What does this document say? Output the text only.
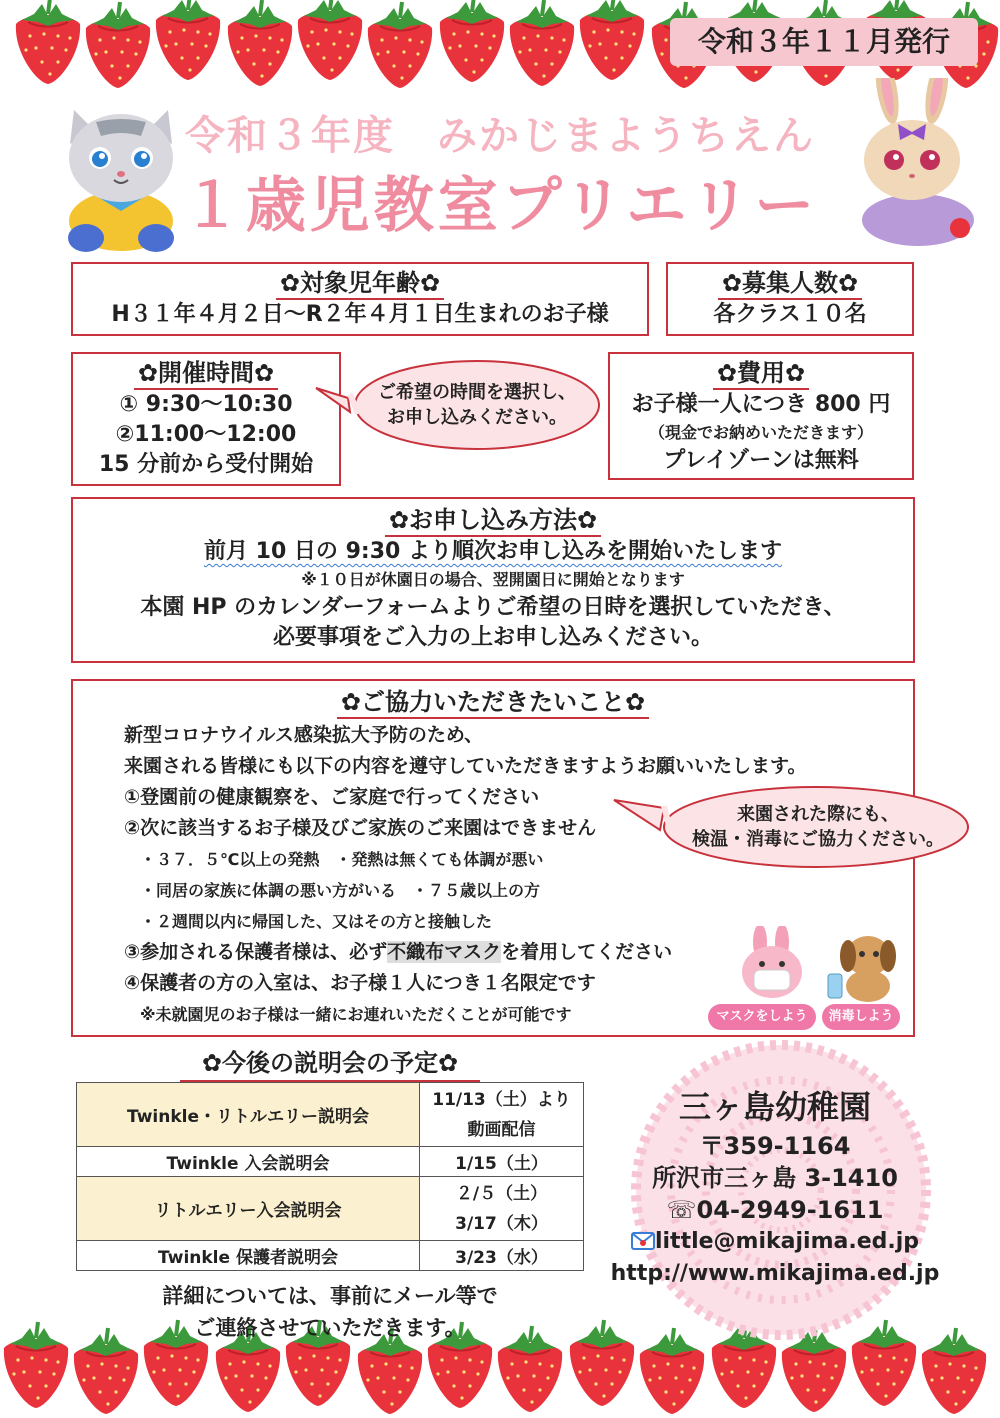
令和３年１１月発行
令和３年度　みかじまようちえん
１歳児教室プリエリー
✿対象児年齢✿
H３１年４月２日～R２年４月１日生まれのお子様
✿募集人数✿
各クラス１０名
✿開催時間✿
① 9:30～10:30
②11:00～12:00
15 分前から受付開始
ご希望の時間を選択し、
お申し込みください。
✿費用✿
お子様一人につき 800 円
（現金でお納めいただきます）
プレイゾーンは無料
✿お申し込み方法✿
前月 10 日の 9:30 より順次お申し込みを開始いたします
※１０日が休園日の場合、翌開園日に開始となります
本園 HP のカレンダーフォームよりご希望の日時を選択していただき、
必要事項をご入力の上お申し込みください。
✿ご協力いただきたいこと✿
新型コロナウイルス感染拡大予防のため、
来園される皆様にも以下の内容を遵守していただきますようお願いいたします。
①登園前の健康観察を、ご家庭で行ってください
②次に該当するお子様及びご家族のご来園はできません
・３７．５℃以上の発熱　・発熱は無くても体調が悪い
・同居の家族に体調の悪い方がいる　・７５歳以上の方
・２週間以内に帰国した、又はその方と接触した
③参加される保護者様は、必ず不織布マスクを着用してください
④保護者の方の入室は、お子様１人につき１名限定です
※未就園児のお子様は一緒にお連れいただくことが可能です
来園された際にも、
検温・消毒にご協力ください。
マスクをしよう	消毒しよう
✿今後の説明会の予定✿
Twinkle・リトルエリー説明会	11/13（土）より
動画配信

Twinkle 入会説明会	1/15（土）
リトルエリー入会説明会	２/５（土）
3/17（木）

Twinkle 保護者説明会	3/23（水）
詳細については、事前にメール等で
ご連絡させていただきます。
三ヶ島幼稚園
〒359-1164
所沢市三ヶ島 3-1410
☏04-2949-1611
little@mikajima.ed.jp
http://www.mikajima.ed.jp
